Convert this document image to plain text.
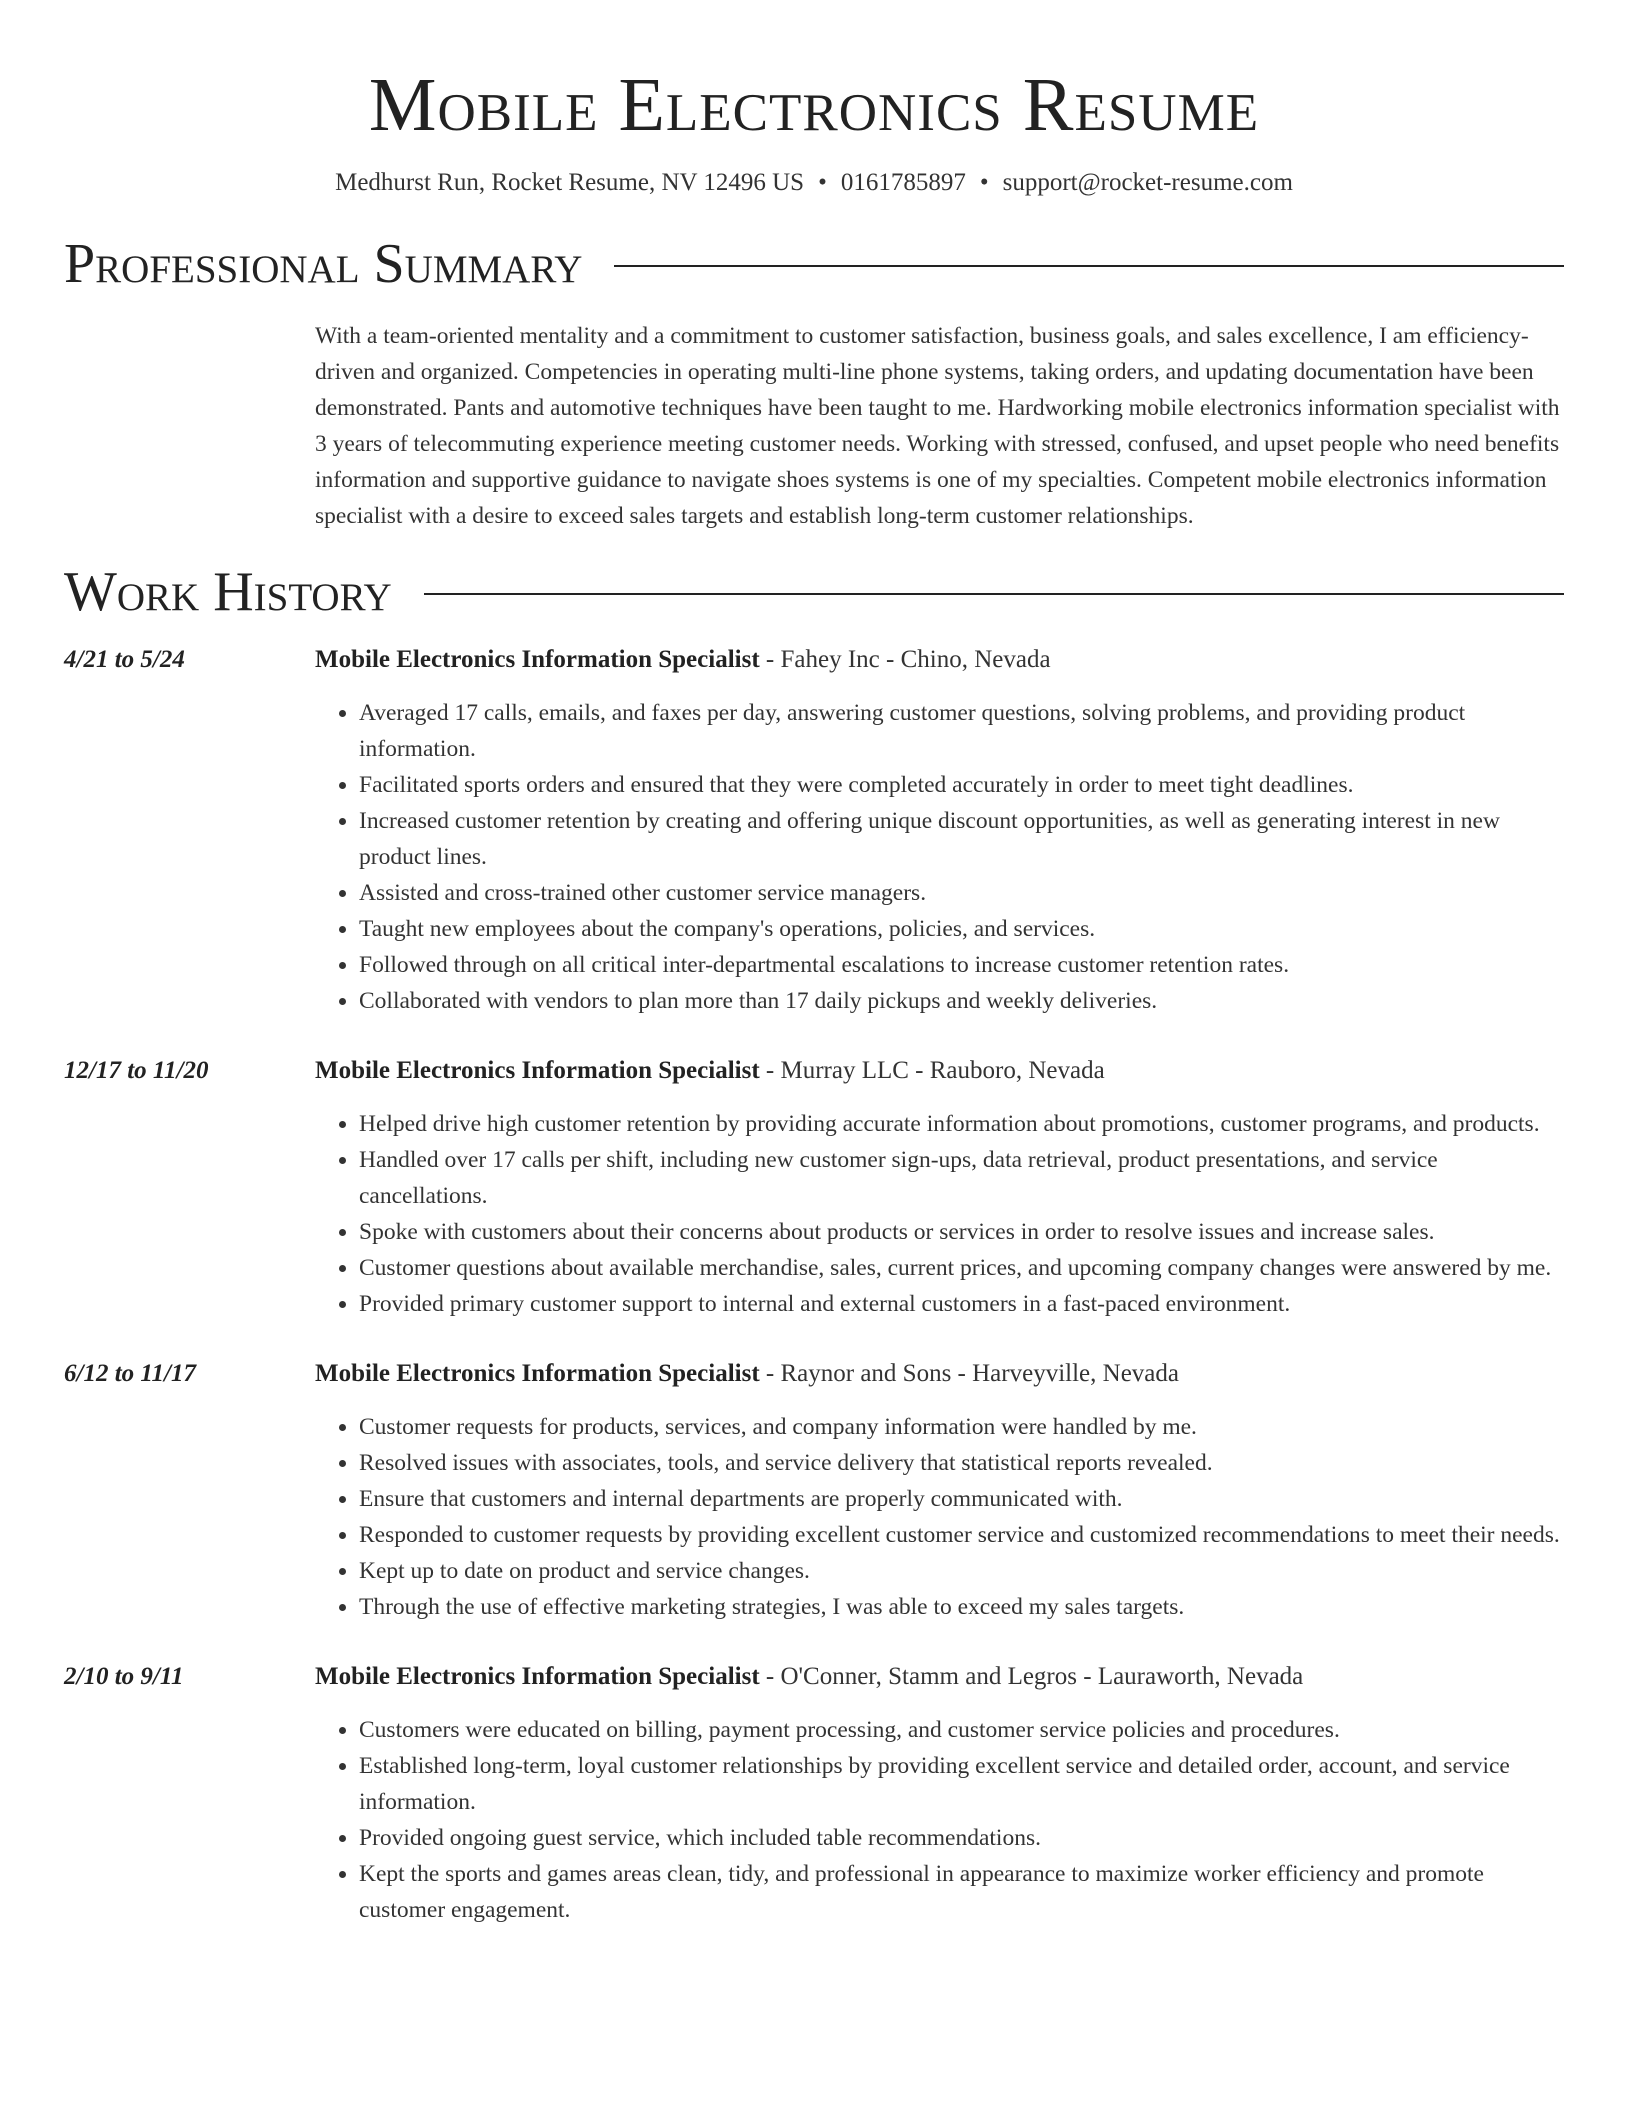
Mobile Electronics Resume
Medhurst Run, Rocket Resume, NV 12496 US • 0161785897 • support@rocket-resume.com
Professional Summary
With a team-oriented mentality and a commitment to customer satisfaction, business goals, and sales excellence, I am efficiency-driven and organized. Competencies in operating multi-line phone systems, taking orders, and updating documentation have been demonstrated. Pants and automotive techniques have been taught to me. Hardworking mobile electronics information specialist with 3 years of telecommuting experience meeting customer needs. Working with stressed, confused, and upset people who need benefits information and supportive guidance to navigate shoes systems is one of my specialties. Competent mobile electronics information specialist with a desire to exceed sales targets and establish long-term customer relationships.
Work History
4/21 to 5/24	Mobile Electronics Information Specialist - Fahey Inc - Chino, Nevada
• Averaged 17 calls, emails, and faxes per day, answering customer questions, solving problems, and providing product information.
• Facilitated sports orders and ensured that they were completed accurately in order to meet tight deadlines.
• Increased customer retention by creating and offering unique discount opportunities, as well as generating interest in new product lines.
• Assisted and cross-trained other customer service managers.
• Taught new employees about the company's operations, policies, and services.
• Followed through on all critical inter-departmental escalations to increase customer retention rates.
• Collaborated with vendors to plan more than 17 daily pickups and weekly deliveries.
12/17 to 11/20	Mobile Electronics Information Specialist - Murray LLC - Rauboro, Nevada
• Helped drive high customer retention by providing accurate information about promotions, customer programs, and products.
• Handled over 17 calls per shift, including new customer sign-ups, data retrieval, product presentations, and service cancellations.
• Spoke with customers about their concerns about products or services in order to resolve issues and increase sales.
• Customer questions about available merchandise, sales, current prices, and upcoming company changes were answered by me.
• Provided primary customer support to internal and external customers in a fast-paced environment.
6/12 to 11/17	Mobile Electronics Information Specialist - Raynor and Sons - Harveyville, Nevada
• Customer requests for products, services, and company information were handled by me.
• Resolved issues with associates, tools, and service delivery that statistical reports revealed.
• Ensure that customers and internal departments are properly communicated with.
• Responded to customer requests by providing excellent customer service and customized recommendations to meet their needs.
• Kept up to date on product and service changes.
• Through the use of effective marketing strategies, I was able to exceed my sales targets.
2/10 to 9/11	Mobile Electronics Information Specialist - O'Conner, Stamm and Legros - Lauraworth, Nevada
• Customers were educated on billing, payment processing, and customer service policies and procedures.
• Established long-term, loyal customer relationships by providing excellent service and detailed order, account, and service information.
• Provided ongoing guest service, which included table recommendations.
• Kept the sports and games areas clean, tidy, and professional in appearance to maximize worker efficiency and promote customer engagement.
